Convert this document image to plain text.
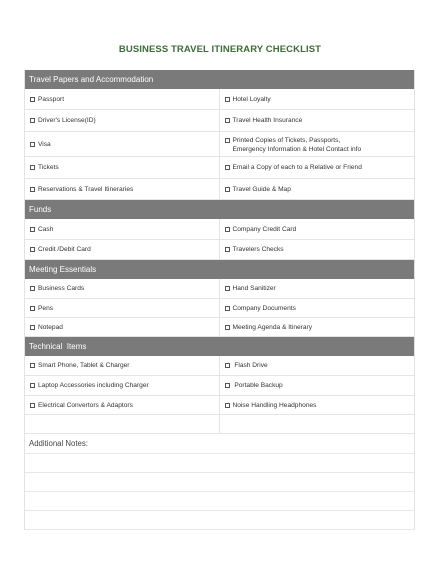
BUSINESS TRAVEL ITINERARY CHECKLIST
Travel Papers and Accommodation
Passport	Hotel Loyalty
Driver's License(ID)	Travel Health Insurance
Visa	Printed Copies of Tickets, Passports,
Emergency Information & Hotel Contact info
Tickets	Email a Copy of each to a Relative or Friend
Reservations & Travel Itineraries	Travel Guide & Map
Funds
Cash	Company Credit Card
Credit /Debit Card	Travelers Checks
Meeting Essentials
Business Cards	Hand Sanitizer
Pens	Company Documents
Notepad	Meeting Agenda & Itinerary
Technical  Items
Smart Phone, Tablet & Charger	Flash Drive
Laptop Accessories including Charger	Portable Backup
Electrical Convertors & Adaptors	Noise Handling Headphones
Additional Notes:
